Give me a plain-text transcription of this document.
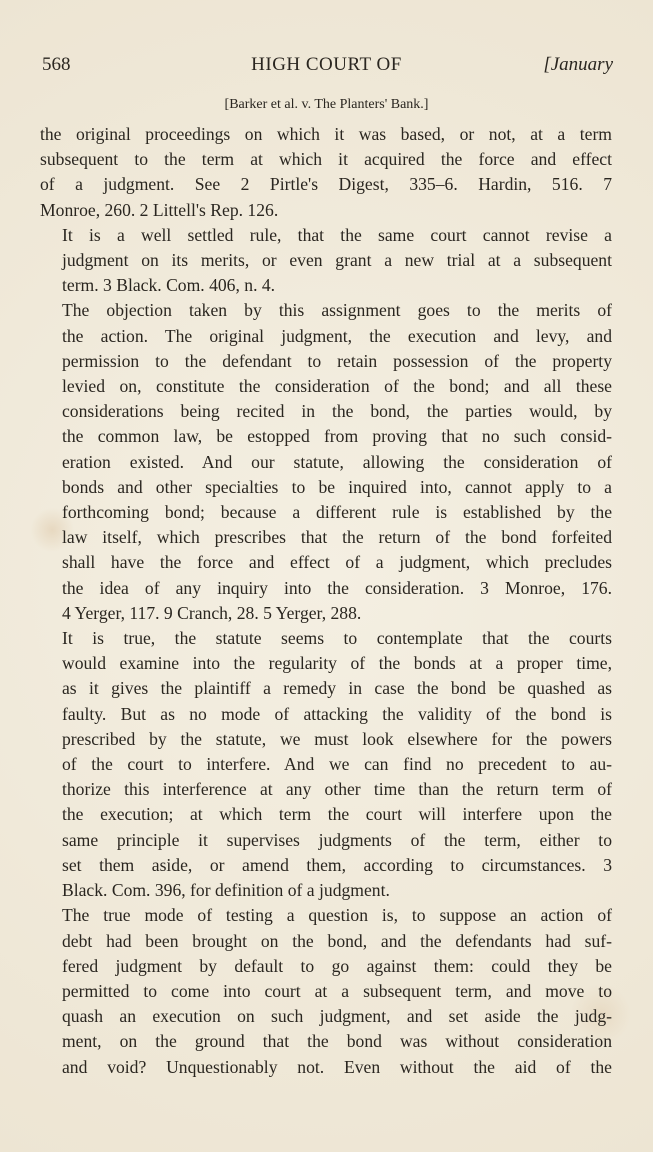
568	HIGH COURT OF	[January
[Barker et al. v. The Planters' Bank.]

the original proceedings on which it was based, or not, at a term
subsequent to the term at which it acquired the force and effect
of a judgment. See 2 Pirtle's Digest, 335–6. Hardin, 516. 7
Monroe, 260. 2 Littell's Rep. 126.

It is a well settled rule, that the same court cannot revise a
judgment on its merits, or even grant a new trial at a subsequent
term. 3 Black. Com. 406, n. 4.

The objection taken by this assignment goes to the merits of
the action. The original judgment, the execution and levy, and
permission to the defendant to retain possession of the property
levied on, constitute the consideration of the bond; and all these
considerations being recited in the bond, the parties would, by
the common law, be estopped from proving that no such consid-
eration existed. And our statute, allowing the consideration of
bonds and other specialties to be inquired into, cannot apply to a
forthcoming bond; because a different rule is established by the
law itself, which prescribes that the return of the bond forfeited
shall have the force and effect of a judgment, which precludes
the idea of any inquiry into the consideration. 3 Monroe, 176.
4 Yerger, 117. 9 Cranch, 28. 5 Yerger, 288.

It is true, the statute seems to contemplate that the courts
would examine into the regularity of the bonds at a proper time,
as it gives the plaintiff a remedy in case the bond be quashed as
faulty. But as no mode of attacking the validity of the bond is
prescribed by the statute, we must look elsewhere for the powers
of the court to interfere. And we can find no precedent to au-
thorize this interference at any other time than the return term of
the execution; at which term the court will interfere upon the
same principle it supervises judgments of the term, either to
set them aside, or amend them, according to circumstances. 3
Black. Com. 396, for definition of a judgment.

The true mode of testing a question is, to suppose an action of
debt had been brought on the bond, and the defendants had suf-
fered judgment by default to go against them: could they be
permitted to come into court at a subsequent term, and move to
quash an execution on such judgment, and set aside the judg-
ment, on the ground that the bond was without consideration
and void? Unquestionably not. Even without the aid of the
